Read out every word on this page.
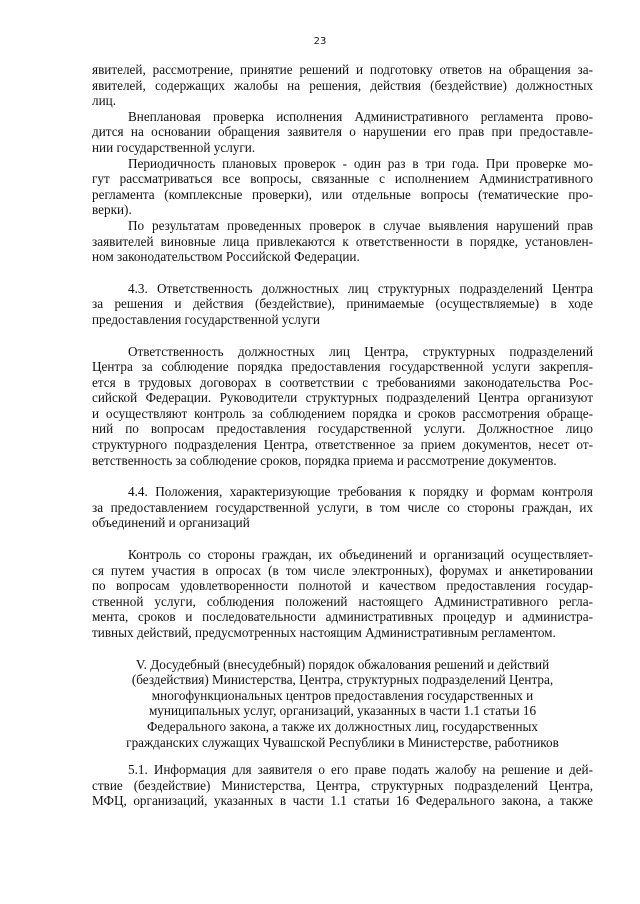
23
явителей, рассмотрение, принятие решений и подготовку ответов на обращения за-
явителей, содержащих жалобы на решения, действия (бездействие) должностных
лиц.
Внеплановая проверка исполнения Административного регламента прово-
дится на основании обращения заявителя о нарушении его прав при предоставле-
нии государственной услуги.
Периодичность плановых проверок - один раз в три года. При проверке мо-
гут рассматриваться все вопросы, связанные с исполнением Административного
регламента (комплексные проверки), или отдельные вопросы (тематические про-
верки).
По результатам проведенных проверок в случае выявления нарушений прав
заявителей виновные лица привлекаются к ответственности в порядке, установлен-
ном законодательством Российской Федерации.
4.3. Ответственность должностных лиц структурных подразделений Центра
за решения и действия (бездействие), принимаемые (осуществляемые) в ходе
предоставления государственной услуги
Ответственность должностных лиц Центра, структурных подразделений
Центра за соблюдение порядка предоставления государственной услуги закрепля-
ется в трудовых договорах в соответствии с требованиями законодательства Рос-
сийской Федерации. Руководители структурных подразделений Центра организуют
и осуществляют контроль за соблюдением порядка и сроков рассмотрения обраще-
ний по вопросам предоставления государственной услуги. Должностное лицо
структурного подразделения Центра, ответственное за прием документов, несет от-
ветственность за соблюдение сроков, порядка приема и рассмотрение документов.
4.4. Положения, характеризующие требования к порядку и формам контроля
за предоставлением государственной услуги, в том числе со стороны граждан, их
объединений и организаций
Контроль со стороны граждан, их объединений и организаций осуществляет-
ся путем участия в опросах (в том числе электронных), форумах и анкетировании
по вопросам удовлетворенности полнотой и качеством предоставления государ-
ственной услуги, соблюдения положений настоящего Административного регла-
мента, сроков и последовательности административных процедур и администра-
тивных действий, предусмотренных настоящим Административным регламентом.
V. Досудебный (внесудебный) порядок обжалования решений и действий
(бездействия) Министерства, Центра, структурных подразделений Центра,
многофункциональных центров предоставления государственных и
муниципальных услуг, организаций, указанных в части 1.1 статьи 16
Федерального закона, а также их должностных лиц, государственных
гражданских служащих Чувашской Республики в Министерстве, работников
5.1. Информация для заявителя о его праве подать жалобу на решение и дей-
ствие (бездействие) Министерства, Центра, структурных подразделений Центра,
МФЦ, организаций, указанных в части 1.1 статьи 16 Федерального закона, а также
